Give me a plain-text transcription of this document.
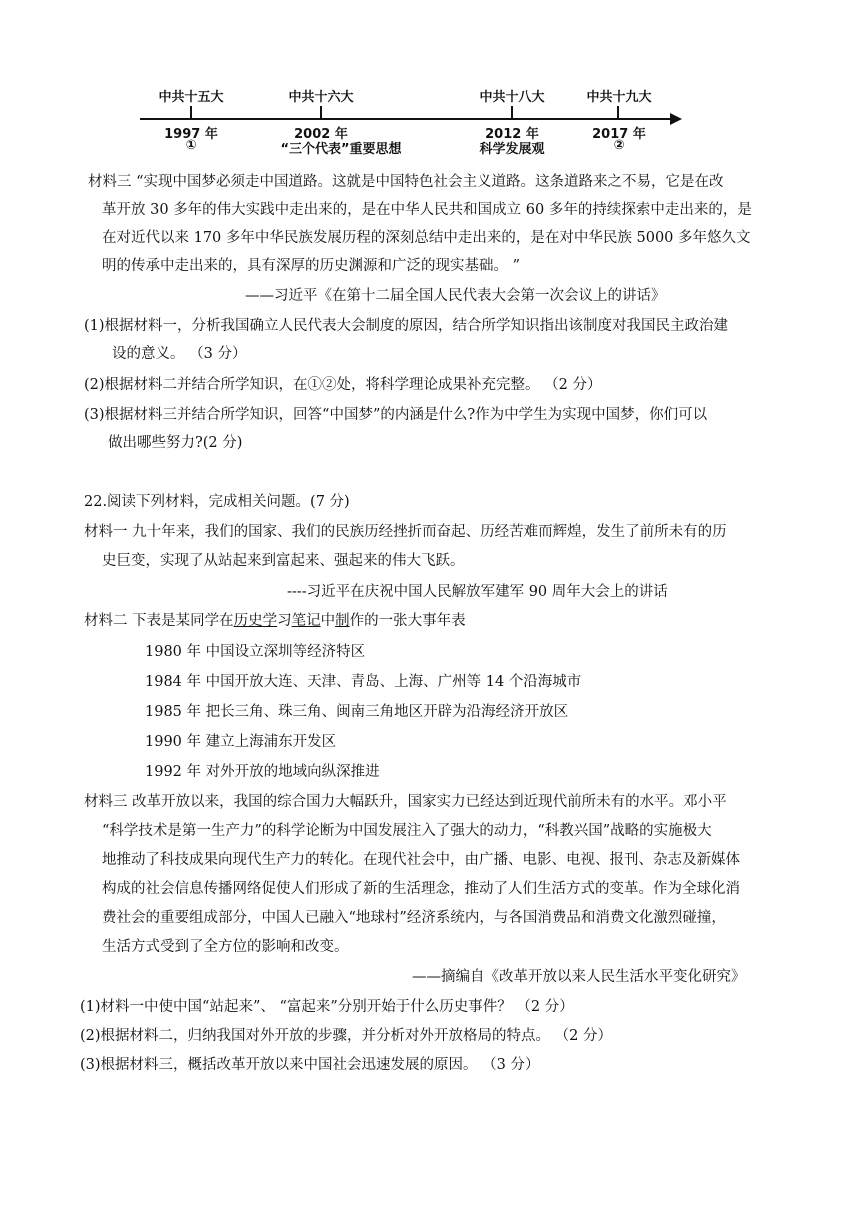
中共十五大
1997 年
①
中共十六大
2002 年
“三个代表”重要思想
中共十八大
2012 年
科学发展观
中共十九大
2017 年
②
材料三 “实现中国梦必须走中国道路。这就是中国特色社会主义道路。这条道路来之不易，它是在改
革开放 30 多年的伟大实践中走出来的，是在中华人民共和国成立 60 多年的持续探索中走出来的，是
在对近代以来 170 多年中华民族发展历程的深刻总结中走出来的，是在对中华民族 5000 多年悠久文
明的传承中走出来的，具有深厚的历史渊源和广泛的现实基础。 ”
——习近平《在第十二届全国人民代表大会第一次会议上的讲话》
(1)根据材料一，分析我国确立人民代表大会制度的原因，结合所学知识指出该制度对我国民主政治建
设的意义。 （3 分）
(2)根据材料二并结合所学知识，在①②处，将科学理论成果补充完整。 （2 分）
(3)根据材料三并结合所学知识，回答“中国梦”的内涵是什么?作为中学生为实现中国梦，你们可以
做出哪些努力?(2 分)
22.阅读下列材料，完成相关问题。(7 分)
材料一 九十年来，我们的国家、我们的民族历经挫折而奋起、历经苦难而辉煌，发生了前所未有的历
史巨变，实现了从站起来到富起来、强起来的伟大飞跃。
----习近平在庆祝中国人民解放军建军 90 周年大会上的讲话
材料二 下表是某同学在历史学习笔记中制作的一张大事年表
1980 年 中国设立深圳等经济特区
1984 年 中国开放大连、天津、青岛、上海、广州等 14 个沿海城市
1985 年 把长三角、珠三角、闽南三角地区开辟为沿海经济开放区
1990 年 建立上海浦东开发区
1992 年 对外开放的地域向纵深推进
材料三 改革开放以来，我国的综合国力大幅跃升，国家实力已经达到近现代前所未有的水平。邓小平
“科学技术是第一生产力”的科学论断为中国发展注入了强大的动力，“科教兴国”战略的实施极大
地推动了科技成果向现代生产力的转化。在现代社会中，由广播、电影、电视、报刊、杂志及新媒体
构成的社会信息传播网络促使人们形成了新的生活理念，推动了人们生活方式的变革。作为全球化消
费社会的重要组成部分，中国人已融入“地球村”经济系统内，与各国消费品和消费文化激烈碰撞，
生活方式受到了全方位的影响和改变。
——摘编自《改革开放以来人民生活水平变化研究》
(1)材料一中使中国“站起来”、 “富起来”分别开始于什么历史事件？ （2 分）
(2)根据材料二，归纳我国对外开放的步骤，并分析对外开放格局的特点。 （2 分）
(3)根据材料三，概括改革开放以来中国社会迅速发展的原因。 （3 分）
